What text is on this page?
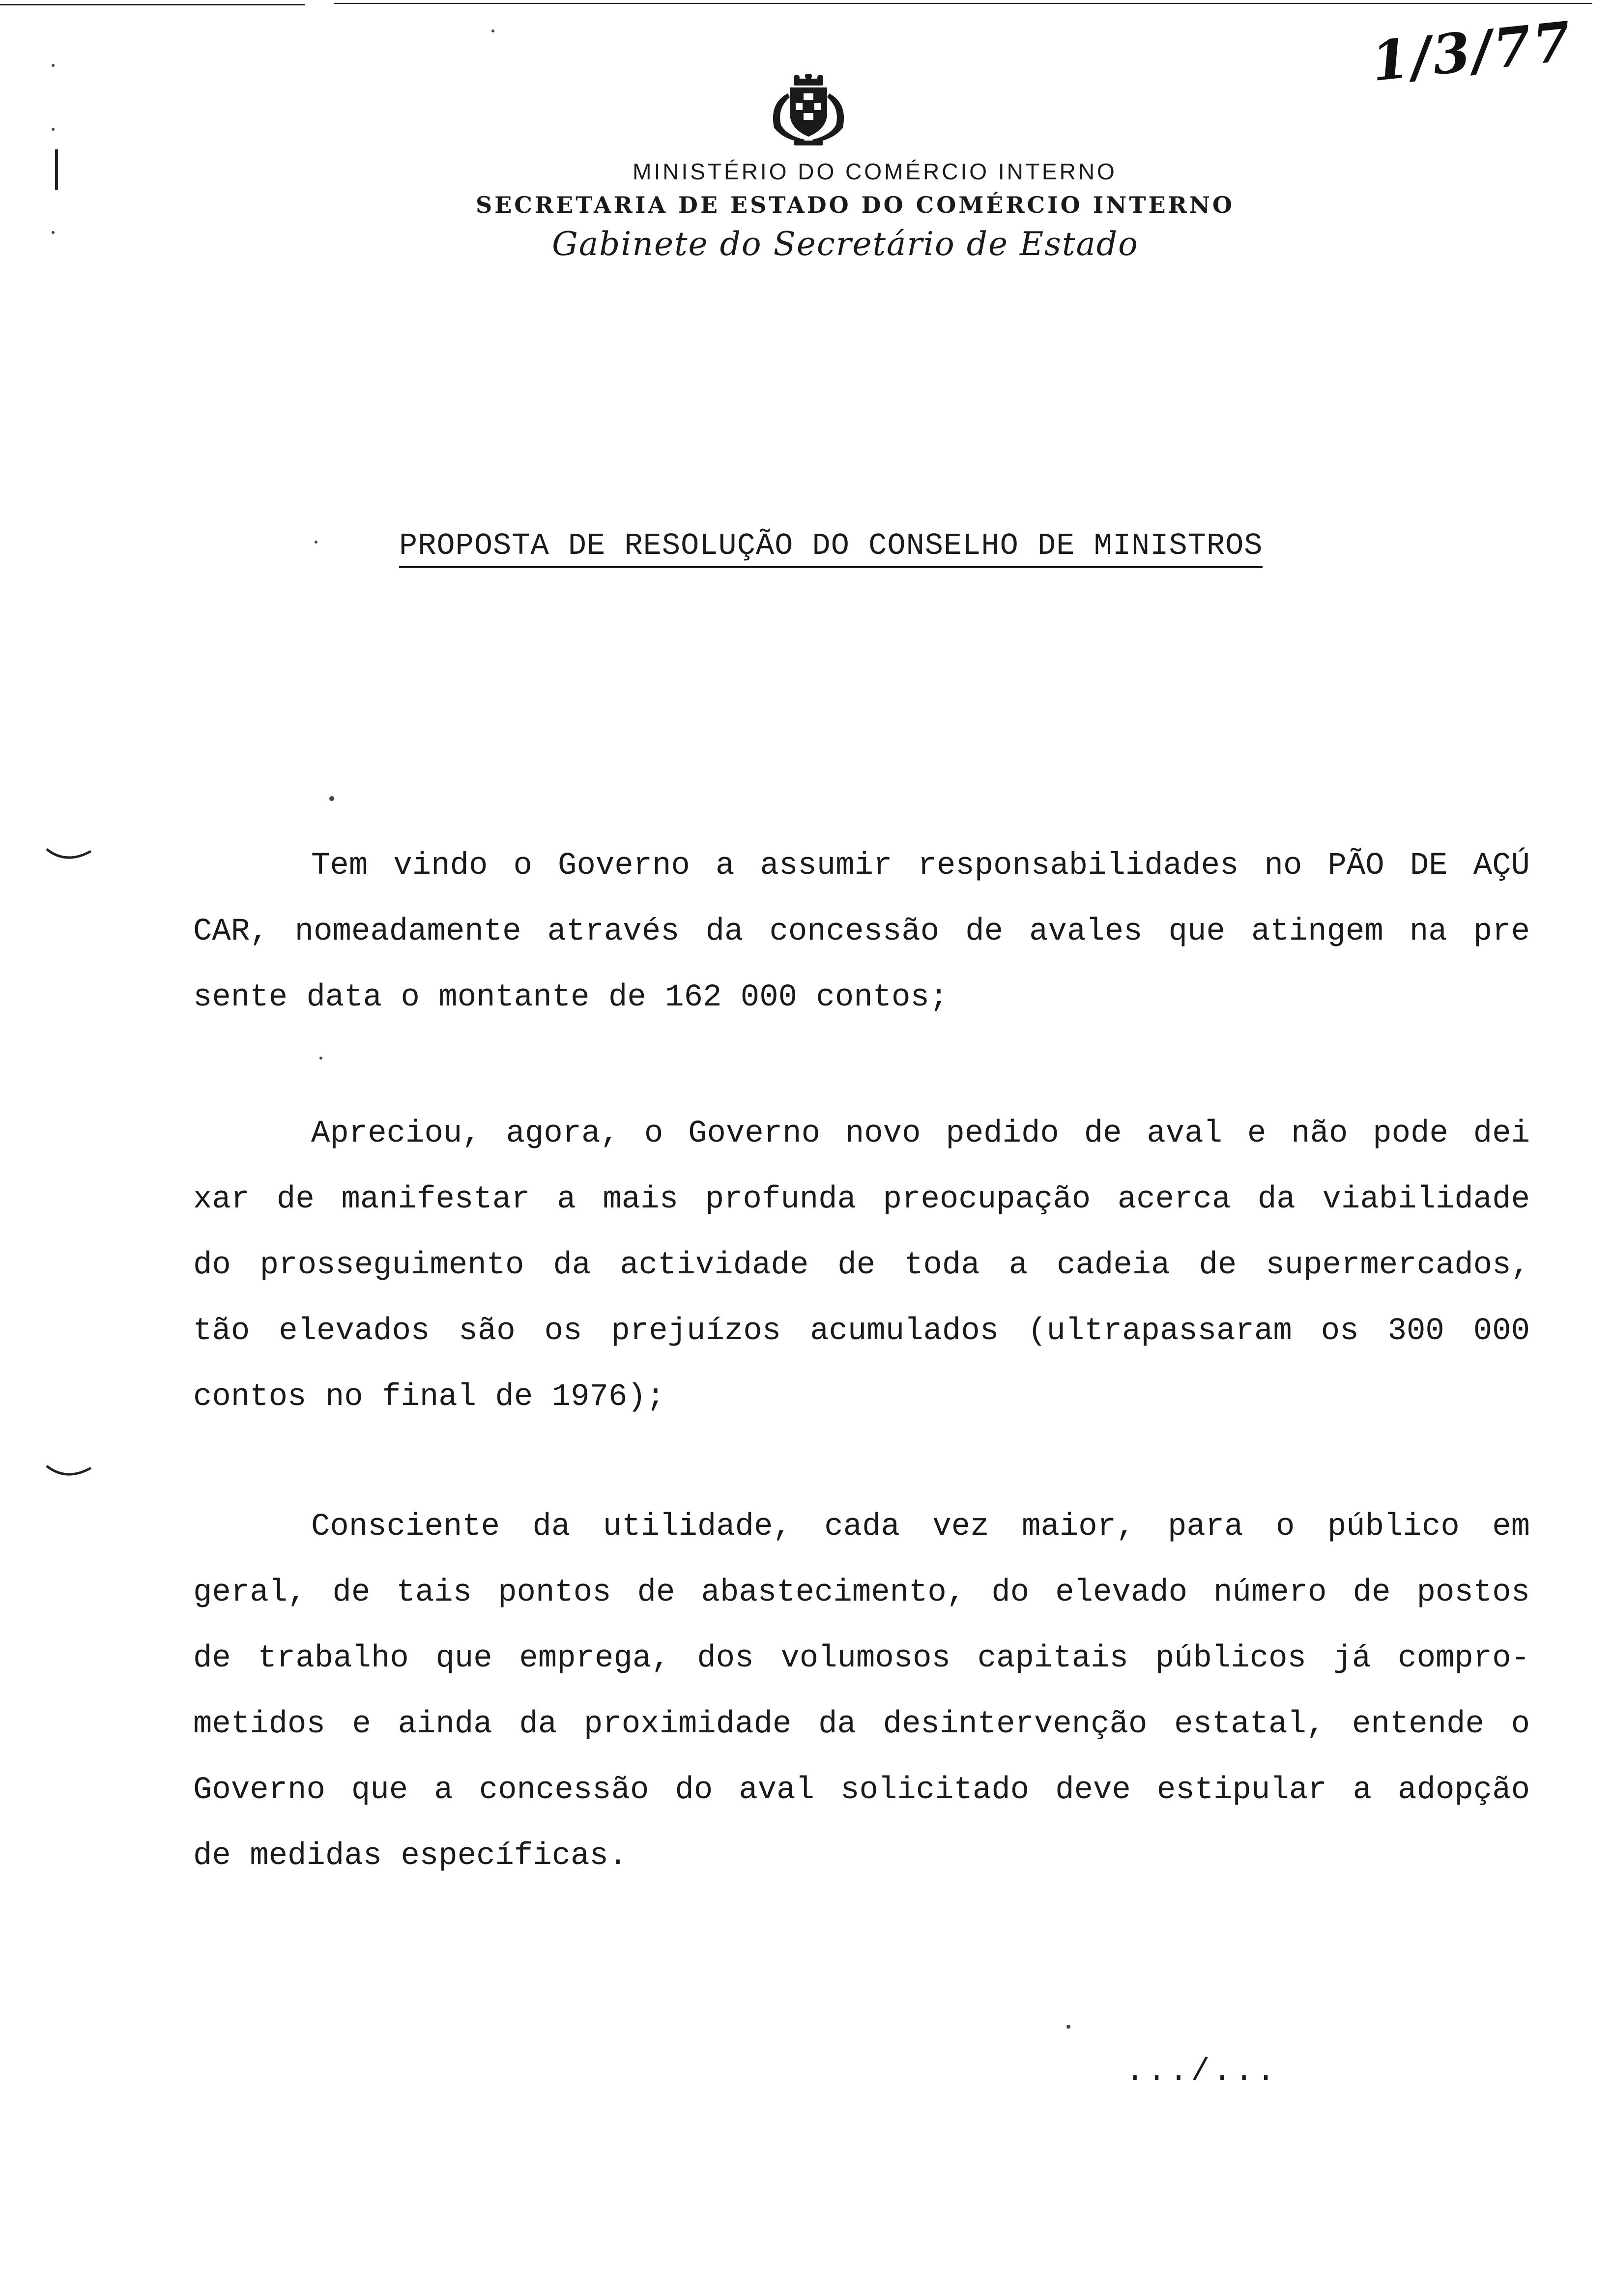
1/3/77
MINISTÉRIO DO COMÉRCIO INTERNO
SECRETARIA DE ESTADO DO COMÉRCIO INTERNO
Gabinete do Secretário de Estado
PROPOSTA DE RESOLUÇÃO DO CONSELHO DE MINISTROS

Tem vindo o Governo a assumir responsabilidades no PÃO DE AÇÚ
CAR, nomeadamente através da concessão de avales que atingem na pre
sente data o montante de 162 000 contos;

Apreciou, agora, o Governo novo pedido de aval e não pode dei
xar de manifestar a mais profunda preocupação acerca da viabilidade
do prosseguimento da actividade de toda a cadeia de supermercados,
tão elevados são os prejuízos acumulados (ultrapassaram os 300 000
contos no final de 1976);

Consciente da utilidade, cada vez maior, para o público em
geral, de tais pontos de abastecimento, do elevado número de postos
de trabalho que emprega, dos volumosos capitais públicos já compro-
metidos e ainda da proximidade da desintervenção estatal, entende o
Governo que a concessão do aval solicitado deve estipular a adopção
de medidas específicas.

.../...
